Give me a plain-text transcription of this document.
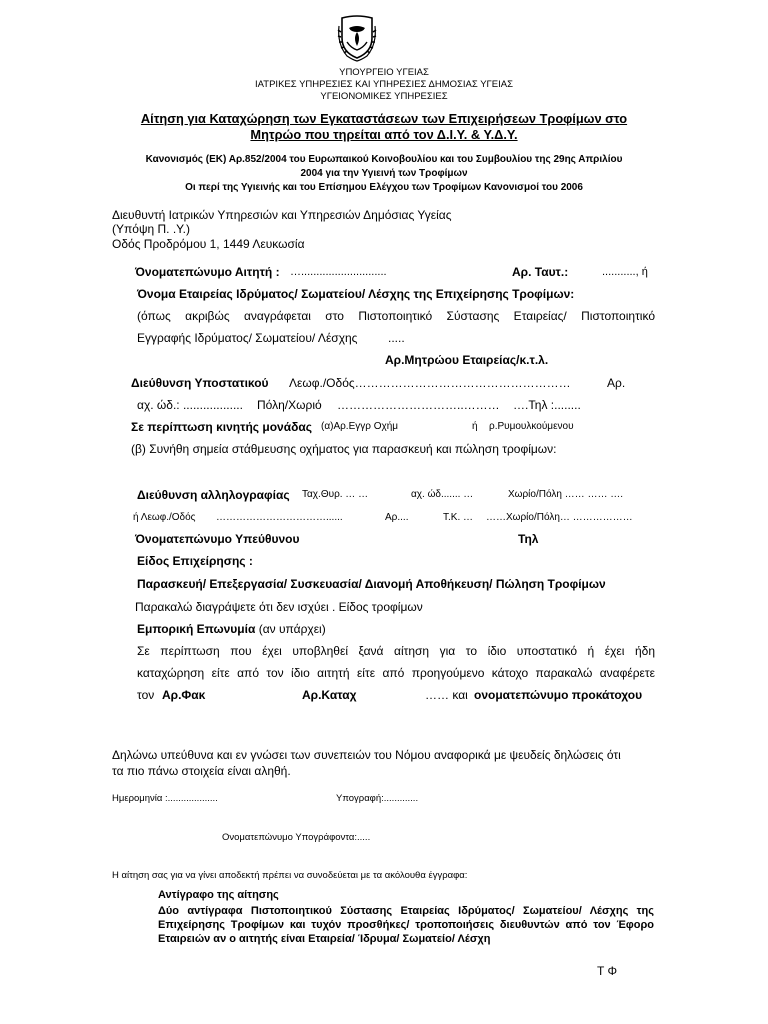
ΥΠΟΥΡΓΕΙΟ ΥΓΕΙΑΣ
ΙΑΤΡΙΚΕΣ ΥΠΗΡΕΣΙΕΣ ΚΑΙ ΥΠΗΡΕΣΙΕΣ ΔΗΜΟΣΙΑΣ ΥΓΕΙΑΣ
ΥΓΕΙΟΝΟΜΙΚΕΣ ΥΠΗΡΕΣΙΕΣ
Αίτηση για Καταχώρηση των Εγκαταστάσεων των Επιχειρήσεων Τροφίμων στο
Μητρώο που τηρείται από τον Δ.Ι.Υ. & Υ.Δ.Υ.
Κανονισμός (ΕΚ) Αρ.852/2004 του Ευρωπαικού Κοινοβουλίου και του Συμβουλίου της 29ης Απριλίου
2004 για την Υγιεινή των Τροφίμων
Οι περί της Υγιεινής και του Επίσημου Ελέγχου των Τροφίμων Κανονισμοί του 2006
Διευθυντή Ιατρικών Υπηρεσιών και Υπηρεσιών Δημόσιας Υγείας
(Υπόψη Π. .Υ.)
Οδός Προδρόμου 1, 1449 Λευκωσία
Όνοματεπώνυμο Αιτητή : …............................	Αρ. Ταυτ.:	..........., ή
Όνομα Εταιρείας Ιδρύματος/ Σωματείου/ Λέσχης της Επιχείρησης Τροφίμων:
(όπως ακριβώς αναγράφεται στο Πιστοποιητικό Σύστασης Εταιρείας/ Πιστοποιητικό
Εγγραφής Ιδρύματος/ Σωματείου/ Λέσχης	.....
Αρ.Μητρώου Εταιρείας/κ.τ.λ.
Διεύθυνση Υποστατικού Λεωφ./Οδός………………………………………………	Αρ.
αχ. ώδ.: .................. Πόλη/Χωριό …………………………..……… ….Τηλ :........
Σε περίπτωση κινητής μονάδας (α)Αρ.Εγγρ Οχήμ	ή ρ.Ρυμουλκούμενου
(β) Συνήθη σημεία στάθμευσης οχήματος για παρασκευή και πώληση τροφίμων:
Διεύθυνση αλληλογραφίας Ταχ.Θυρ. … …	αχ. ώδ....... …	Χωρίο/Πόλη …… …… ….
ή Λεωφ./Οδός ……………………………......	Αρ....	Τ.Κ. … ……Χωρίο/Πόλη… ………………
Όνοματεπώνυμο Υπεύθυνου	Τηλ
Είδος Επιχείρησης :
Παρασκευή/ Επεξεργασία/ Συσκευασία/ Διανομή Αποθήκευση/ Πώληση Τροφίμων
Παρακαλώ διαγράψετε ότι δεν ισχύει . Είδος τροφίμων
Εμπορική Επωνυμία (αν υπάρχει)
Σε περίπτωση που έχει υποβληθεί ξανά αίτηση για το ίδιο υποστατικό ή έχει ήδη
καταχώρηση είτε από τον ίδιο αιτητή είτε από προηγούμενο κάτοχο παρακαλώ αναφέρετε
τον Αρ.Φακ	Αρ.Καταχ	…… και ονοματεπώνυμο προκάτοχου
Δηλώνω υπεύθυνα και εν γνώσει των συνεπειών του Νόμου αναφορικά με ψευδείς δηλώσεις ότι
τα πιο πάνω στοιχεία είναι αληθή.
Ημερομηνία :...................	Υπογραφή:.............
Ονοματεπώνυμο Υπογράφοντα:.....
Η αίτηση σας για να γίνει αποδεκτή πρέπει να συνοδεύεται με τα ακόλουθα έγγραφα:
Αντίγραφο της αίτησης
Δύο αντίγραφα Πιστοποιητικού Σύστασης Εταιρείας Ιδρύματος/ Σωματείου/ Λέσχης της
Επιχείρησης Τροφίμων και τυχόν προσθήκες/ τροποποιήσεις διευθυντών από τον Έφορο
Εταιρειών αν ο αιτητής είναι Εταιρεία/ Ίδρυμα/ Σωματείο/ Λέσχη
Τ Φ
